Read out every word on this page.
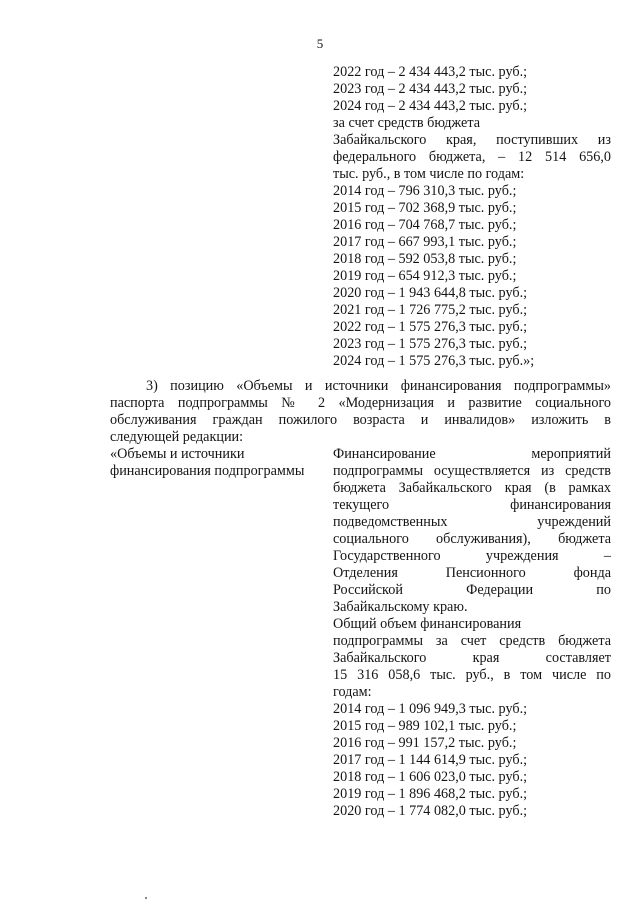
5
2022 год – 2 434 443,2 тыс. руб.;
2023 год – 2 434 443,2 тыс. руб.;
2024 год – 2 434 443,2 тыс. руб.;
за счет средств бюджета
Забайкальского края, поступивших из
федерального бюджета, – 12 514 656,0
тыс. руб., в том числе по годам:
2014 год – 796 310,3 тыс. руб.;
2015 год – 702 368,9 тыс. руб.;
2016 год – 704 768,7 тыс. руб.;
2017 год – 667 993,1 тыс. руб.;
2018 год – 592 053,8 тыс. руб.;
2019 год – 654 912,3 тыс. руб.;
2020 год – 1 943 644,8 тыс. руб.;
2021 год – 1 726 775,2 тыс. руб.;
2022 год – 1 575 276,3 тыс. руб.;
2023 год – 1 575 276,3 тыс. руб.;
2024 год – 1 575 276,3 тыс. руб.»;
3) позицию «Объемы и источники финансирования подпрограммы»
паспорта подпрограммы № 2 «Модернизация и развитие социального
обслуживания граждан пожилого возраста и инвалидов» изложить в
следующей редакции:
«Объемы и источники
финансирования подпрограммы
Финансирование мероприятий
подпрограммы осуществляется из средств
бюджета Забайкальского края (в рамках
текущего финансирования
подведомственных учреждений
социального обслуживания), бюджета
Государственного учреждения –
Отделения Пенсионного фонда
Российской Федерации по
Забайкальскому краю.
Общий объем финансирования
подпрограммы за счет средств бюджета
Забайкальского края составляет
15 316 058,6 тыс. руб., в том числе по
годам:
2014 год – 1 096 949,3 тыс. руб.;
2015 год – 989 102,1 тыс. руб.;
2016 год – 991 157,2 тыс. руб.;
2017 год – 1 144 614,9 тыс. руб.;
2018 год – 1 606 023,0 тыс. руб.;
2019 год – 1 896 468,2 тыс. руб.;
2020 год – 1 774 082,0 тыс. руб.;
